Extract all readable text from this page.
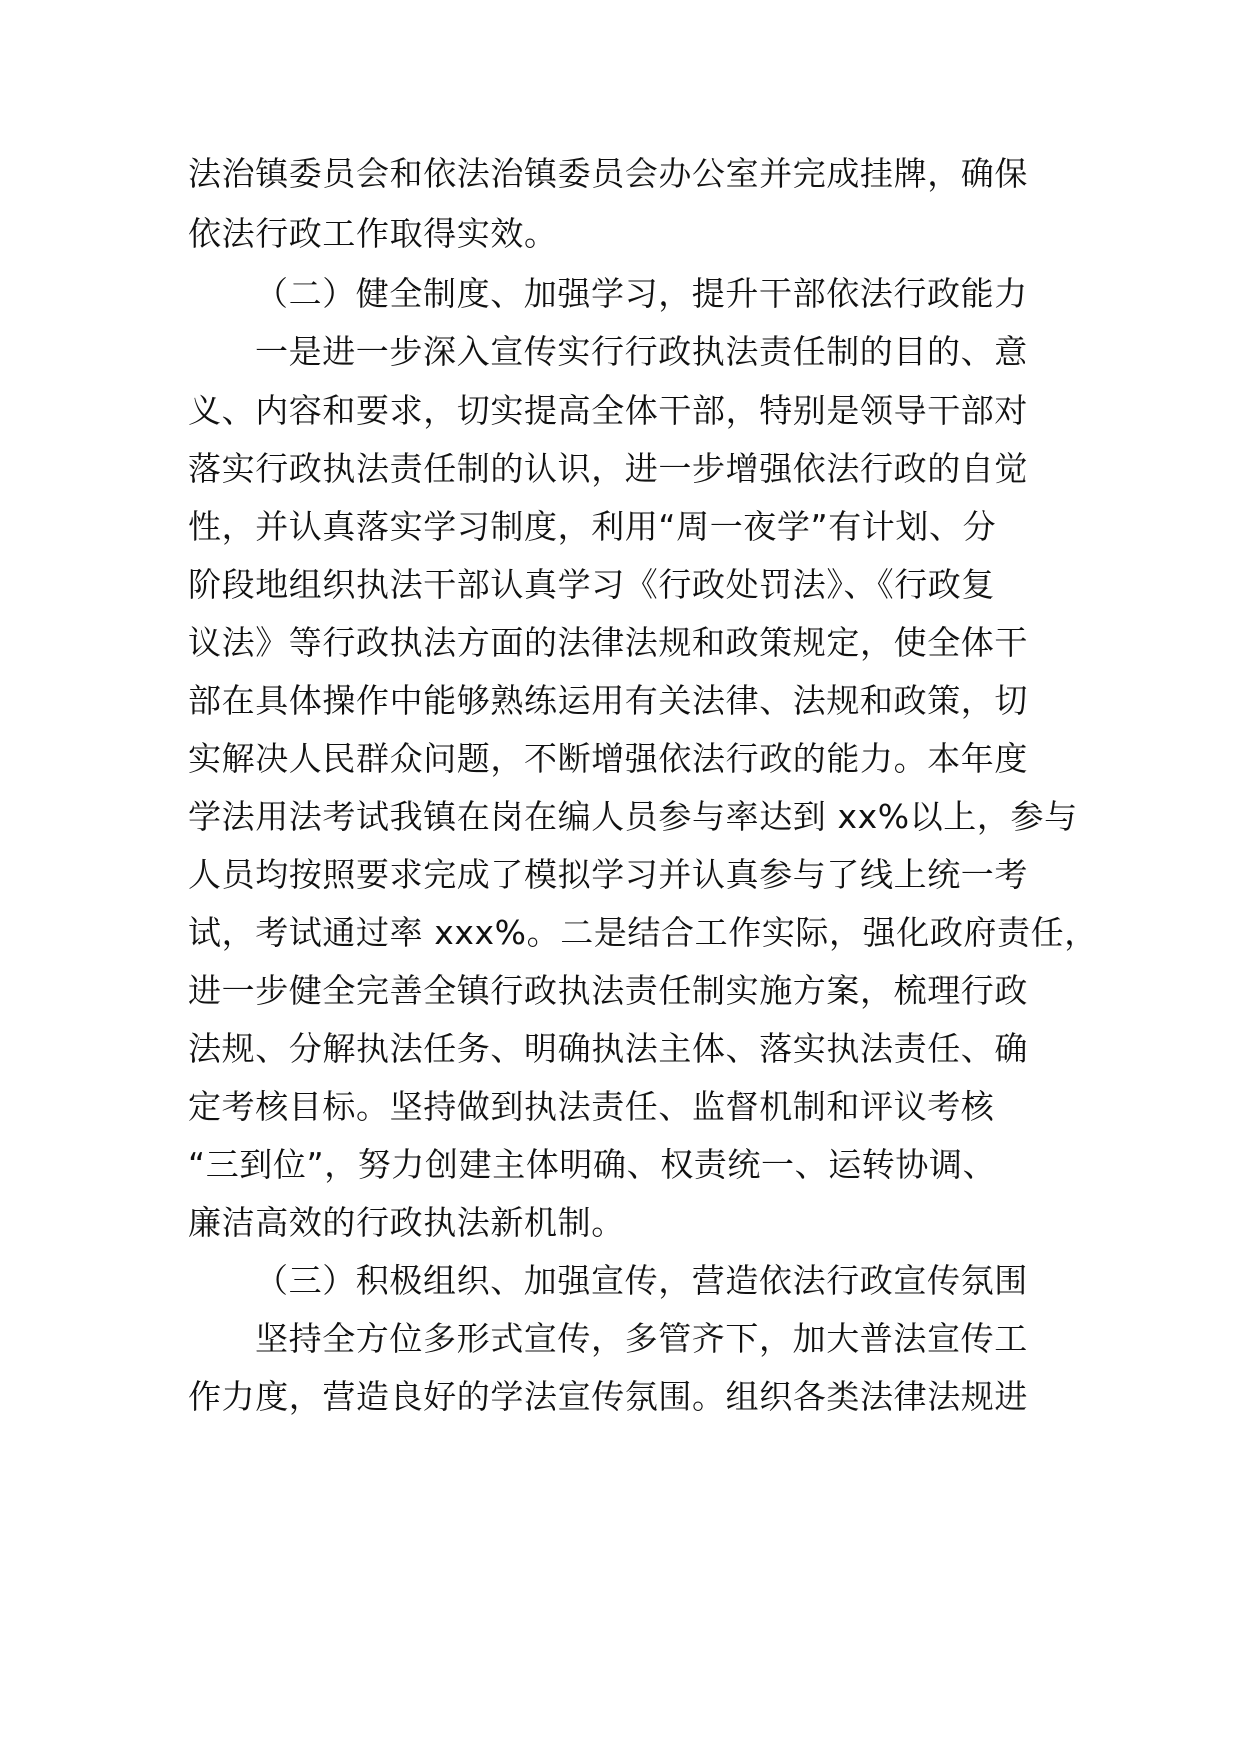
法治镇委员会和依法治镇委员会办公室并完成挂牌，确保
依法行政工作取得实效。
（二）健全制度、加强学习，提升干部依法行政能力
一是进一步深入宣传实行行政执法责任制的目的、意
义、内容和要求，切实提高全体干部，特别是领导干部对
落实行政执法责任制的认识，进一步增强依法行政的自觉
性，并认真落实学习制度，利用“周一夜学”有计划、分
阶段地组织执法干部认真学习《行政处罚法》、《行政复
议法》等行政执法方面的法律法规和政策规定，使全体干
部在具体操作中能够熟练运用有关法律、法规和政策，切
实解决人民群众问题，不断增强依法行政的能力。本年度
学法用法考试我镇在岗在编人员参与率达到 xx%以上，参与
人员均按照要求完成了模拟学习并认真参与了线上统一考
试，考试通过率 xxx%。二是结合工作实际，强化政府责任，
进一步健全完善全镇行政执法责任制实施方案，梳理行政
法规、分解执法任务、明确执法主体、落实执法责任、确
定考核目标。坚持做到执法责任、监督机制和评议考核
“三到位”，努力创建主体明确、权责统一、运转协调、
廉洁高效的行政执法新机制。
（三）积极组织、加强宣传，营造依法行政宣传氛围
坚持全方位多形式宣传，多管齐下，加大普法宣传工
作力度，营造良好的学法宣传氛围。组织各类法律法规进
